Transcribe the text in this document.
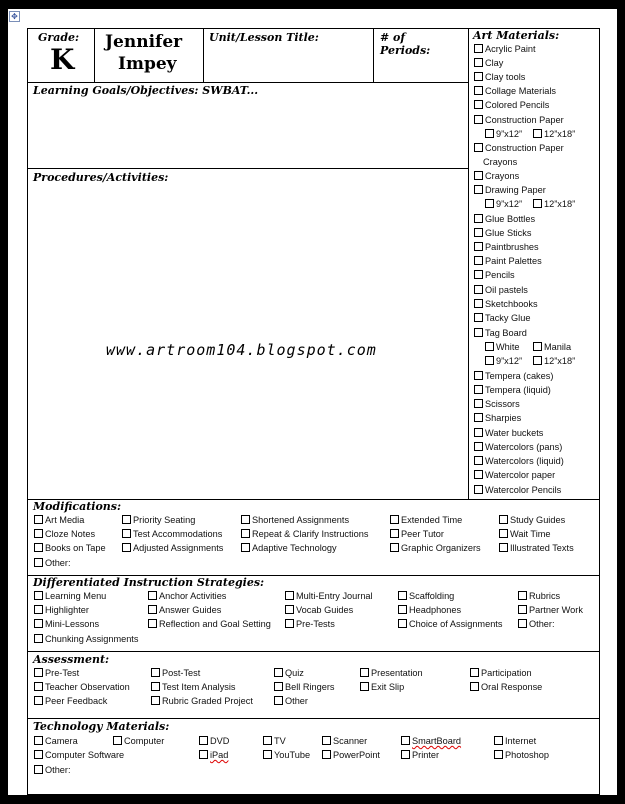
✥
Grade:
K
Jennifer
Impey
Unit/Lesson Title:	# of
Periods:
Learning Goals/Objectives: SWBAT...
Procedures/Activities:
www.artroom104.blogspot.com
Art Materials:
Acrylic Paint
Clay
Clay tools
Collage Materials
Colored Pencils
Construction Paper
9”x12”	12”x18”
Construction Paper
Crayons
Crayons
Drawing Paper
9”x12”	12”x18”
Glue Bottles
Glue Sticks
Paintbrushes
Paint Palettes
Pencils
Oil pastels
Sketchbooks
Tacky Glue
Tag Board
White	Manila
9”x12”	12”x18”
Tempera (cakes)
Tempera (liquid)
Scissors
Sharpies
Water buckets
Watercolors (pans)
Watercolors (liquid)
Watercolor paper
Watercolor Pencils
Modifications:
Differentiated Instruction Strategies:
Assessment:
Technology Materials:
Art Media	Priority Seating	Shortened Assignments	Extended Time	Study Guides
Cloze Notes	Test Accommodations	Repeat & Clarify Instructions	Peer Tutor	Wait Time
Books on Tape	Adjusted Assignments	Adaptive Technology	Graphic Organizers	Illustrated Texts
Other:
Learning Menu	Anchor Activities	Multi-Entry Journal	Scaffolding	Rubrics
Highlighter	Answer Guides	Vocab Guides	Headphones	Partner Work
Mini-Lessons	Reflection and Goal Setting	Pre-Tests	Choice of Assignments	Other:
Chunking Assignments
Pre-Test	Post-Test	Quiz	Presentation	Participation
Teacher Observation	Test Item Analysis	Bell Ringers	Exit Slip	Oral Response
Peer Feedback	Rubric Graded Project	Other
Camera	Computer	DVD	TV	Scanner	SmartBoard	Internet
Computer Software	iPad	YouTube	PowerPoint	Printer	Photoshop
Other:
